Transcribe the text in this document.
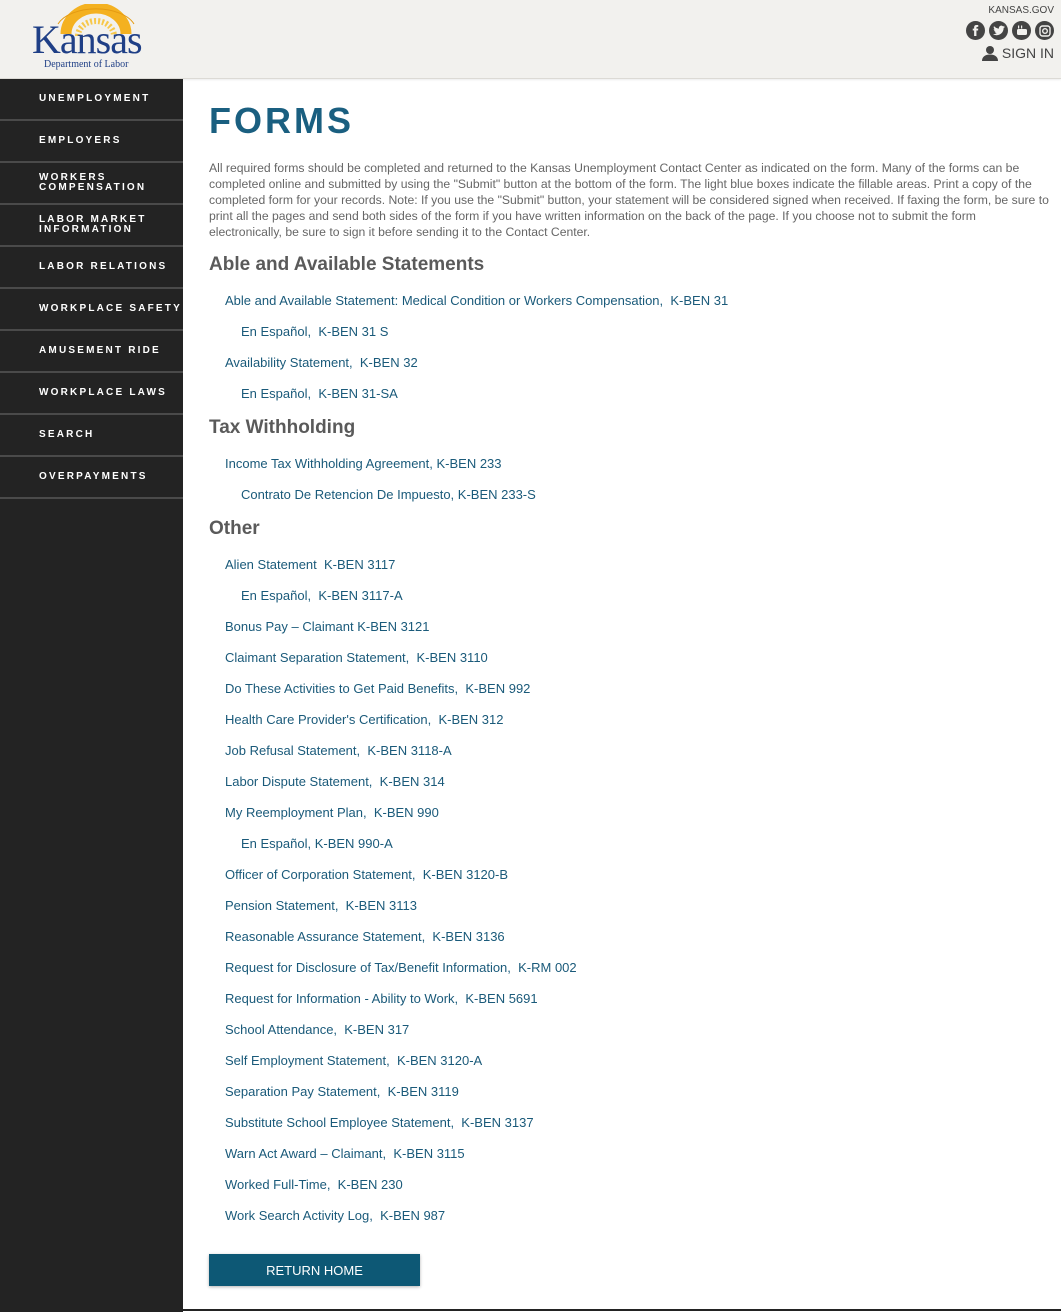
Kansas
Department of Labor
KANSAS.GOV
SIGN IN
UNEMPLOYMENT
EMPLOYERS
WORKERS COMPENSATION
LABOR MARKET INFORMATION
LABOR RELATIONS
WORKPLACE SAFETY
AMUSEMENT RIDE
WORKPLACE LAWS
SEARCH
OVERPAYMENTS
FORMS

All required forms should be completed and returned to the Kansas Unemployment Contact Center as indicated on the form. Many of the forms can be completed online and submitted by using the "Submit" button at the bottom of the form. The light blue boxes indicate the fillable areas. Print a copy of the completed form for your records. Note: If you use the "Submit" button, your statement will be considered signed when received. If faxing the form, be sure to print all the pages and send both sides of the form if you have written information on the back of the page. If you choose not to submit the form electronically, be sure to sign it before sending it to the Contact Center.

Able and Available Statements
Able and Available Statement: Medical Condition or Workers Compensation,  K-BEN 31
En Español,  K-BEN 31 S
Availability Statement,  K-BEN 32
En Español,  K-BEN 31-SA
Tax Withholding
Income Tax Withholding Agreement, K-BEN 233
Contrato De Retencion De Impuesto, K-BEN 233-S
Other
Alien Statement  K-BEN 3117
En Español,  K-BEN 3117-A
Bonus Pay – Claimant K-BEN 3121
Claimant Separation Statement,  K-BEN 3110
Do These Activities to Get Paid Benefits,  K-BEN 992
Health Care Provider's Certification,  K-BEN 312
Job Refusal Statement,  K-BEN 3118-A
Labor Dispute Statement,  K-BEN 314
My Reemployment Plan,  K-BEN 990
En Español, K-BEN 990-A
Officer of Corporation Statement,  K-BEN 3120-B
Pension Statement,  K-BEN 3113
Reasonable Assurance Statement,  K-BEN 3136
Request for Disclosure of Tax/Benefit Information,  K-RM 002
Request for Information - Ability to Work,  K-BEN 5691
School Attendance,  K-BEN 317
Self Employment Statement,  K-BEN 3120-A
Separation Pay Statement,  K-BEN 3119
Substitute School Employee Statement,  K-BEN 3137
Warn Act Award – Claimant,  K-BEN 3115
Worked Full-Time,  K-BEN 230
Work Search Activity Log,  K-BEN 987
RETURN HOME
